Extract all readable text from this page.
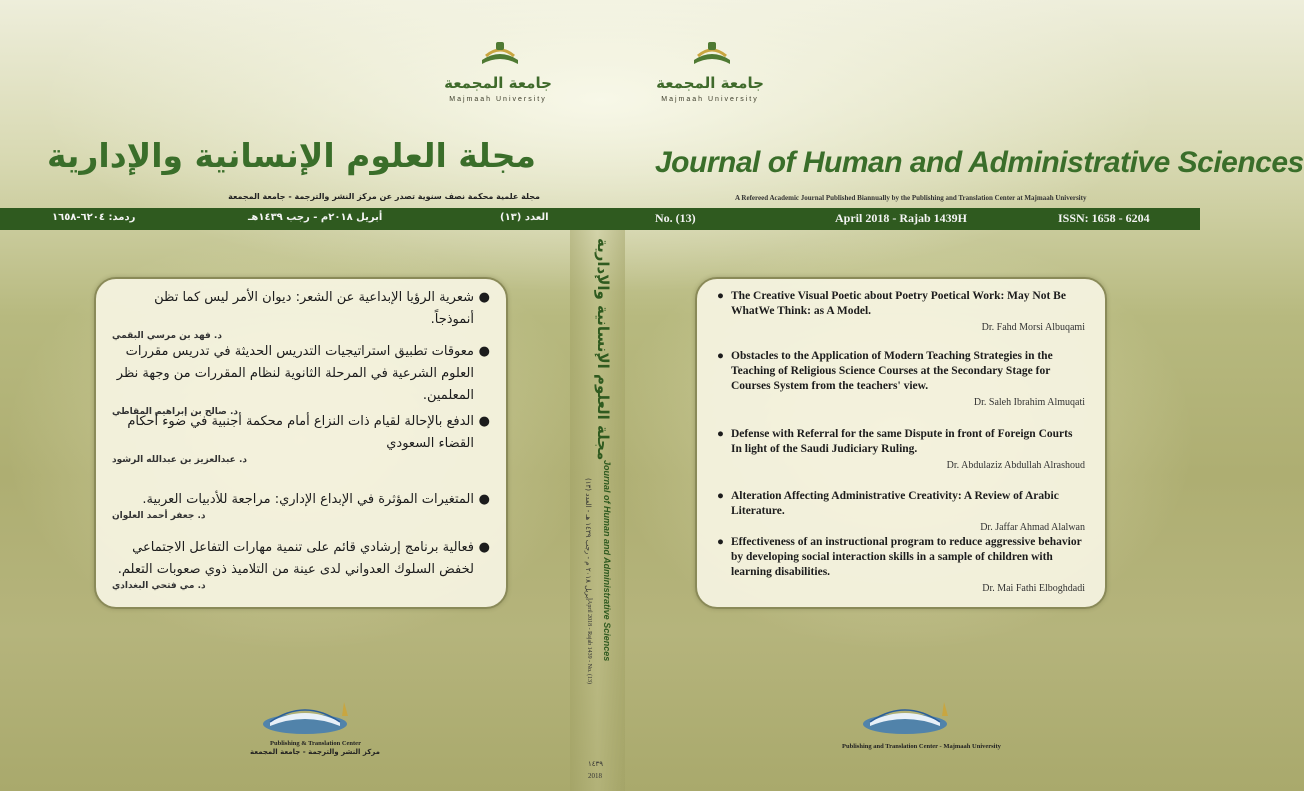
جامعة المجمعة
Majmaah University
مجلة العلوم الإنسانية والإدارية
مجلة علمية محكمة نصف سنوية تصدر عن مركز النشر والترجمة - جامعة المجمعة
جامعة المجمعة
Majmaah University
Journal of Human and Administrative Sciences
A Refereed Academic Journal Published Biannually by the Publishing and Translation Center at Majmaah University
ردمد: ٦٢٠٤-١٦٥٨	أبريل ٢٠١٨م - رجب ١٤٣٩هـ	العدد (١٣)	No. (13)	April 2018 - Rajab 1439H	ISSN: 1658 - 6204
مجلة العلوم الإنسانية والإدارية
أبريل ٢٠١٨ م - رجب ١٤٣٩ هـ - العدد (١٣) Journal of Human and Administrative Sciences
April 2018 - Rajab 1439 - No. (13)
١٤٣٩
2018
●
شعرية الرؤيا الإبداعية عن الشعر: ديوان الأمر ليس كما تظن أنموذجاً.
د. فهد بن مرسي البقمي
●
معوقات تطبيق استراتيجيات التدريس الحديثة في تدريس مقررات العلوم الشرعية في المرحلة الثانوية لنظام المقررات من وجهة نظر المعلمين.
د. صالح بن إبراهيم المقاطي
●
الدفع بالإحالة لقيام ذات النزاع أمام محكمة أجنبية في ضوء أحكام القضاء السعودي
د. عبدالعزيز بن عبدالله الرشود
●
المتغيرات المؤثرة في الإبداع الإداري: مراجعة للأدبيات العربية.
د. جعفر أحمد العلوان
●
فعالية برنامج إرشادي قائم على تنمية مهارات التفاعل الاجتماعي لخفض السلوك العدواني لدى عينة من التلاميذ ذوي صعوبات التعلم.
د. مي فتحي البغدادي
● The Creative Visual Poetic about Poetry Poetical Work: May Not Be WhatWe Think: as A Model.
Dr. Fahd Morsi Albuqami
● Obstacles to the Application of Modern Teaching Strategies in the Teaching of Religious Science Courses at the Secondary Stage for Courses System from the teachers' view.
Dr. Saleh Ibrahim Almuqati
● Defense with Referral for the same Dispute in front of Foreign Courts In light of the Saudi Judiciary Ruling.
Dr. Abdulaziz Abdullah Alrashoud
● Alteration Affecting Administrative Creativity: A Review of Arabic Literature.
Dr. Jaffar Ahmad Alalwan
● Effectiveness of an instructional program to reduce aggressive behavior by developing social interaction skills in a sample of children with learning disabilities.
Dr. Mai Fathi Elboghdadi
Publishing & Translation Center
مركز النشر والترجمة - جامعة المجمعة
Publishing and Translation Center - Majmaah University
